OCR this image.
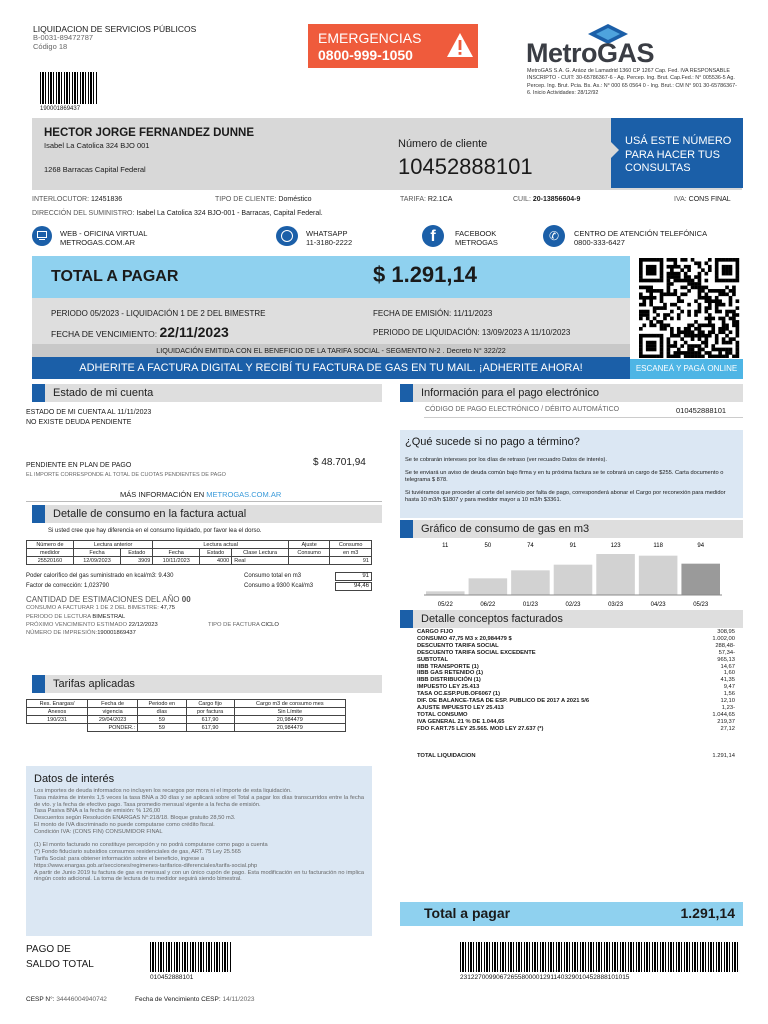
LIQUIDACION DE SERVICIOS PÚBLICOS
B-0031-89472787
Código 18
190001869437
EMERGENCIAS
0800-999-1050	MetroGAS
MetroGAS S.A. G. Aráoz de Lamadrid 1360 CP 1267 Cap. Fed. IVA RESPONSABLE INSCRIPTO - CUIT: 30-65786367-6 - Ag. Percep. Ing. Brut. Cap.Fed.: N° 005536-5 Ag. Percep. Ing. Brut. Pcia. Bs. As.: N° 000 65 0564 0 - Ing. Brut.: CM N° 901 30-65786367-6. Inicio Actividades: 28/12/92
HECTOR JORGE FERNANDEZ DUNNE
Isabel La Catolica 324 BJO 001
1268 Barracas Capital Federal
Número de cliente
10452888101
USÁ ESTE NÚMERO PARA HACER TUS CONSULTAS
INTERLOCUTOR: 12451836	TIPO DE CLIENTE: Doméstico	TARIFA: R2.1CA	CUIL: 20-13856604-9	IVA: CONS FINAL
DIRECCIÓN DEL SUMINISTRO: Isabel La Catolica 324 BJO-001 - Barracas, Capital Federal.
WEB - OFICINA VIRTUAL
METROGAS.COM.AR
WHATSAPP
11-3180-2222	f	FACEBOOK
METROGAS	✆	CENTRO DE ATENCIÓN TELEFÓNICA
0800-333-6427
TOTAL A PAGAR	$ 1.291,14
PERIODO 05/2023 - LIQUIDACIÓN 1 DE 2 DEL BIMESTRE	FECHA DE EMISIÓN: 11/11/2023
FECHA DE VENCIMIENTO: 22/11/2023	PERIODO DE LIQUIDACIÓN: 13/09/2023 A 11/10/2023
LIQUIDACIÓN EMITIDA CON EL BENEFICIO DE LA TARIFA SOCIAL - SEGMENTO N-2 . Decreto N° 322/22
ADHERITE A FACTURA DIGITAL Y RECIBÍ TU FACTURA DE GAS EN TU MAIL. ¡ADHERITE AHORA!	ESCANEÁ Y PAGÁ ONLINE
Estado de mi cuenta
ESTADO DE MI CUENTA AL 11/11/2023
NO EXISTE DEUDA PENDIENTE
PENDIENTE EN PLAN DE PAGO	$ 48.701,94
EL IMPORTE CORRESPONDE AL TOTAL DE CUOTAS PENDIENTES DE PAGO
MÁS INFORMACIÓN EN METROGAS.COM.AR
Detalle de consumo en la factura actual
Si usted cree que hay diferencia en el consumo liquidado, por favor lea el dorso.
Número de	Lectura anterior		Lectura actual			Ajuste	Consumo
medidor	Fecha	Estado	Fecha	Estado	Clase Lectura	Consumo	en m3
25520160	12/09/2023	3909	10/11/2023	4000	Real		91
Poder calorífico del gas suministrado en kcal/m3: 9.430	Consumo total en m3	91
Factor de corrección: 1,023790	Consumo a 9300 Kcal/m3	94,46
CANTIDAD DE ESTIMACIONES DEL AÑO 00
CONSUMO A FACTURAR 1 DE 2 DEL BIMESTRE: 47,75
PERIODO DE LECTURA BIMESTRAL
PRÓXIMO VENCIMIENTO ESTIMADO 22/12/2023	TIPO DE FACTURA CICLO
NÚMERO DE IMPRESIÓN:190001869437
Tarifas aplicadas
Res. Enargas/	Fecha de	Periodo en	Cargo fijo	Cargo m3 de consumo mes
Anexos	vigencia	días	por factura	Sin Límite
190/231	29/04/2023	59	617,90	20,984479
	PONDER.:	59	617,90	20,984479
Datos de interés
Los importes de deuda informados no incluyen los recargos por mora ni el importe de esta liquidación.
Tasa máxima de interés 1,5 veces la tasa BNA a 30 días y se aplicará sobre el Total a pagar los días transcurridos entre la fecha de vto. y la fecha de efectivo pago. Tasa promedio mensual vigente a la fecha de emisión.
Tasa Pasiva BNA a la fecha de emisión: % 126,00
Descuentos según Resolución ENARGAS N°:218/18. Bloque gratuito 28,50 m3.
El monto de IVA discriminado no puede computarse como crédito fiscal.
Condición IVA: (CONS FIN) CONSUMIDOR FINAL

(1) El monto facturado no constituye percepción y no podrá computarse como pago a cuenta
(*) Fondo fiduciario subsidios consumos residenciales de gas, ART. 75 Ley 25.565
Tarifa Social: para obtener información sobre el beneficio, ingrese a
https://www.enargas.gob.ar/secciones/regimenes-tarifarios-diferenciales/tarifa-social.php
A partir de Junio 2019 tu factura de gas es mensual y con un único cupón de pago. Esta modificación en tu facturación no implica ningún costo adicional. La toma de lectura de tu medidor seguirá siendo bimestral.
Información para el pago electrónico
CÓDIGO DE PAGO ELECTRÓNICO / DÉBITO AUTOMÁTICO	010452888101
¿Qué sucede si no pago a término?
Se te cobrarán intereses por los días de retraso (ver recuadro Datos de interés).
Se te enviará un aviso de deuda común bajo firma y en tu próxima factura se te cobrará un cargo de $255. Carta documento o telegrama $ 878.
Si tuviéramos que proceder al corte del servicio por falta de pago, corresponderá abonar el Cargo por reconexión para medidor hasta 10 m3/h $1807 y para medidor mayor a 10 m3/h $3361.
Gráfico de consumo de gas en m3
11
05/22
50
06/22
74
01/23
91
02/23
123
03/23
118
04/23
94
05/23
Detalle conceptos facturados
CARGO FIJO	308,95
CONSUMO 47,75 M3 x 20,984479 $	1.002,00
DESCUENTO TARIFA SOCIAL	288,48-
DESCUENTO TARIFA SOCIAL EXCEDENTE	57,34-
SUBTOTAL	965,13
IIBB TRANSPORTE (1)	14,67
IIBB GAS RETENIDO (1)	1,60
IIBB DISTRIBUCIÓN (1)	41,35
IMPUESTO LEY 25.413	9,47
TASA OC.ESP.PUB.OF6067 (1)	1,56
DIF. DE BALANCE-TASA DE ESP. PUBLICO DE 2017 A 2021 5/6	12,10
AJUSTE IMPUESTO LEY 25.413	1,23-
TOTAL CONSUMO	1.044,65
IVA GENERAL 21 % DE 1.044,65	219,37
FDO F.ART.75 LEY 25.565. MOD LEY 27.637 (*)	27,12
TOTAL LIQUIDACION	1.291,14
Total a pagar	1.291,14
PAGO DE
SALDO TOTAL
010452888101	23122700990672655800001291140329010452888101015
CESP N°: 34446004940742	Fecha de Vencimiento CESP: 14/11/2023
